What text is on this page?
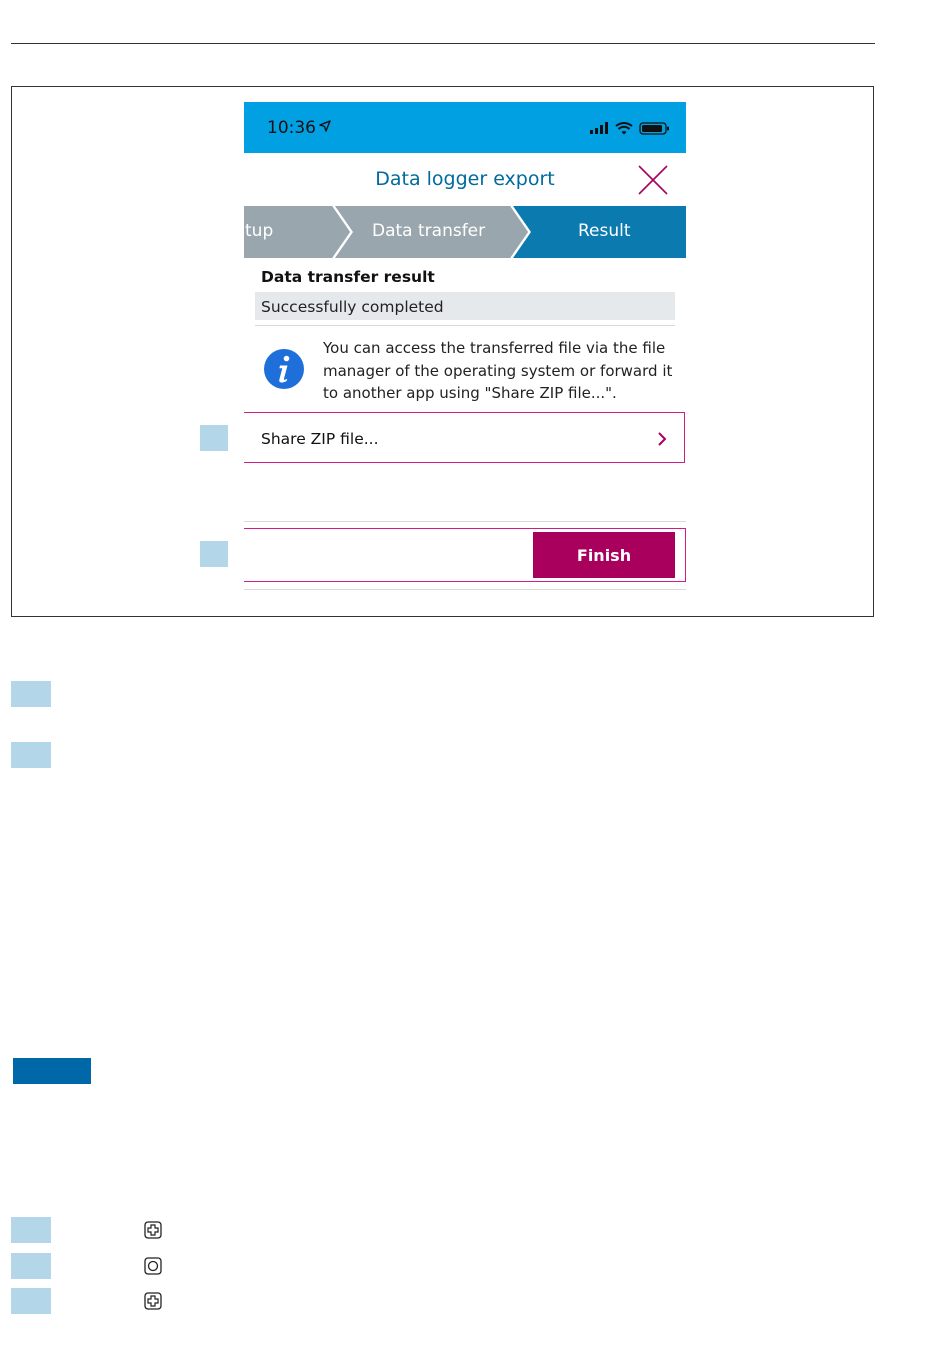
10:36
Data logger export
tup	Data transfer	Result
Data transfer result
Successfully completed
You can access the transferred file via the file
manager of the operating system or forward it
to another app using "Share ZIP file...".
Share ZIP file...
Finish
